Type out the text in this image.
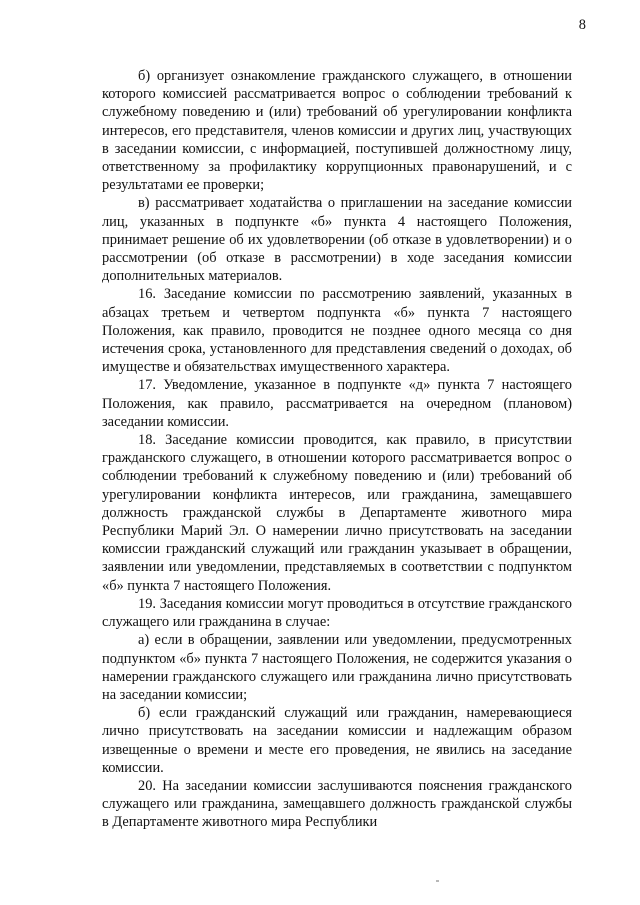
8

б) организует ознакомление гражданского служащего, в отношении которого комиссией рассматривается вопрос о соблюдении требований к служебному поведению и (или) требований об урегулировании конфликта интересов, его представителя, членов комиссии и других лиц, участвующих в заседании комиссии, с информацией, поступившей должностному лицу, ответственному за профилактику коррупционных правонарушений, и с результатами ее проверки;

в) рассматривает ходатайства о приглашении на заседание комиссии лиц, указанных в подпункте «б» пункта 4 настоящего Положения, принимает решение об их удовлетворении (об отказе в удовлетворении) и о рассмотрении (об отказе в рассмотрении) в ходе заседания комиссии дополнительных материалов.

16. Заседание комиссии по рассмотрению заявлений, указанных в абзацах третьем и четвертом подпункта «б» пункта 7 настоящего Положения, как правило, проводится не позднее одного месяца со дня истечения срока, установленного для представления сведений о доходах, об имуществе и обязательствах имущественного характера.

17. Уведомление, указанное в подпункте «д» пункта 7 настоящего Положения, как правило, рассматривается на очередном (плановом) заседании комиссии.

18. Заседание комиссии проводится, как правило, в присутствии гражданского служащего, в отношении которого рассматривается вопрос о соблюдении требований к служебному поведению и (или) требований об урегулировании конфликта интересов, или гражданина, замещавшего должность гражданской службы в Департаменте животного мира Республики Марий Эл. О намерении лично присутствовать на заседании комиссии гражданский служащий или гражданин указывает в обращении, заявлении или уведомлении, представляемых в соответствии с подпунктом «б» пункта 7 настоящего Положения.

19. Заседания комиссии могут проводиться в отсутствие гражданского служащего или гражданина в случае:

а) если в обращении, заявлении или уведомлении, предусмотренных подпунктом «б» пункта 7 настоящего Положения, не содержится указания о намерении гражданского служащего или гражданина лично присутствовать на заседании комиссии;

б) если гражданский служащий или гражданин, намеревающиеся лично присутствовать на заседании комиссии и надлежащим образом извещенные о времени и месте его проведения, не явились на заседание комиссии.

20. На заседании комиссии заслушиваются пояснения гражданского служащего или гражданина, замещавшего должность гражданской службы в Департаменте животного мира Республики
